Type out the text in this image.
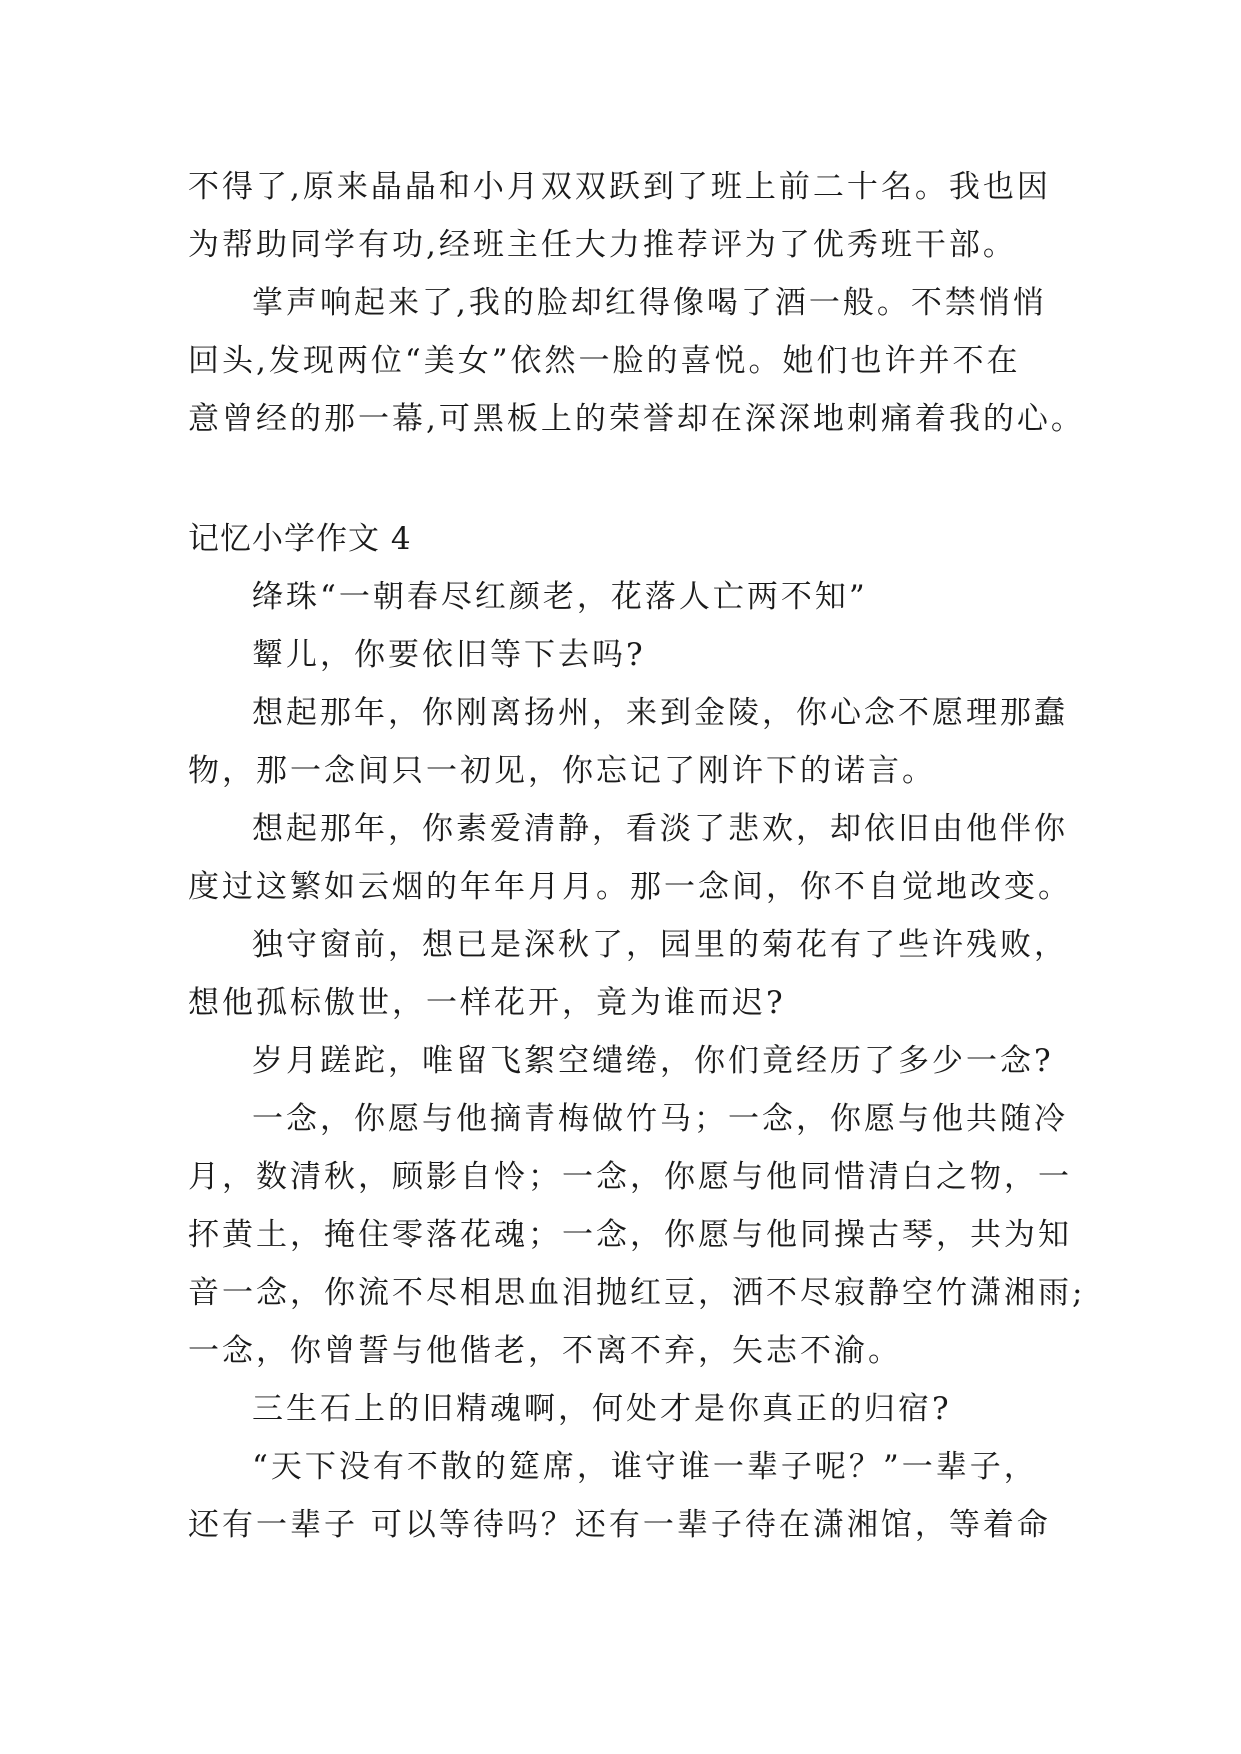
不得了,原来晶晶和小月双双跃到了班上前二十名。我也因
为帮助同学有功,经班主任大力推荐评为了优秀班干部。
掌声响起来了,我的脸却红得像喝了酒一般。不禁悄悄
回头,发现两位“美女”依然一脸的喜悦。她们也许并不在
意曾经的那一幕,可黑板上的荣誉却在深深地刺痛着我的心。
记忆小学作文 4
绛珠“一朝春尽红颜老，花落人亡两不知”
颦儿，你要依旧等下去吗?
想起那年，你刚离扬州，来到金陵，你心念不愿理那蠢
物，那一念间只一初见，你忘记了刚许下的诺言。
想起那年，你素爱清静，看淡了悲欢，却依旧由他伴你
度过这繁如云烟的年年月月。那一念间，你不自觉地改变。
独守窗前，想已是深秋了，园里的菊花有了些许残败，
想他孤标傲世，一样花开，竟为谁而迟?
岁月蹉跎，唯留飞絮空缱绻，你们竟经历了多少一念?
一念，你愿与他摘青梅做竹马；一念，你愿与他共随冷
月，数清秋，顾影自怜；一念，你愿与他同惜清白之物，一
抔黄土，掩住零落花魂；一念，你愿与他同操古琴，共为知
音一念，你流不尽相思血泪抛红豆，洒不尽寂静空竹潇湘雨;
一念，你曾誓与他偕老，不离不弃，矢志不渝。
三生石上的旧精魂啊，何处才是你真正的归宿?
“天下没有不散的筵席，谁守谁一辈子呢？”一辈子，
还有一辈子 可以等待吗？还有一辈子待在潇湘馆，等着命
